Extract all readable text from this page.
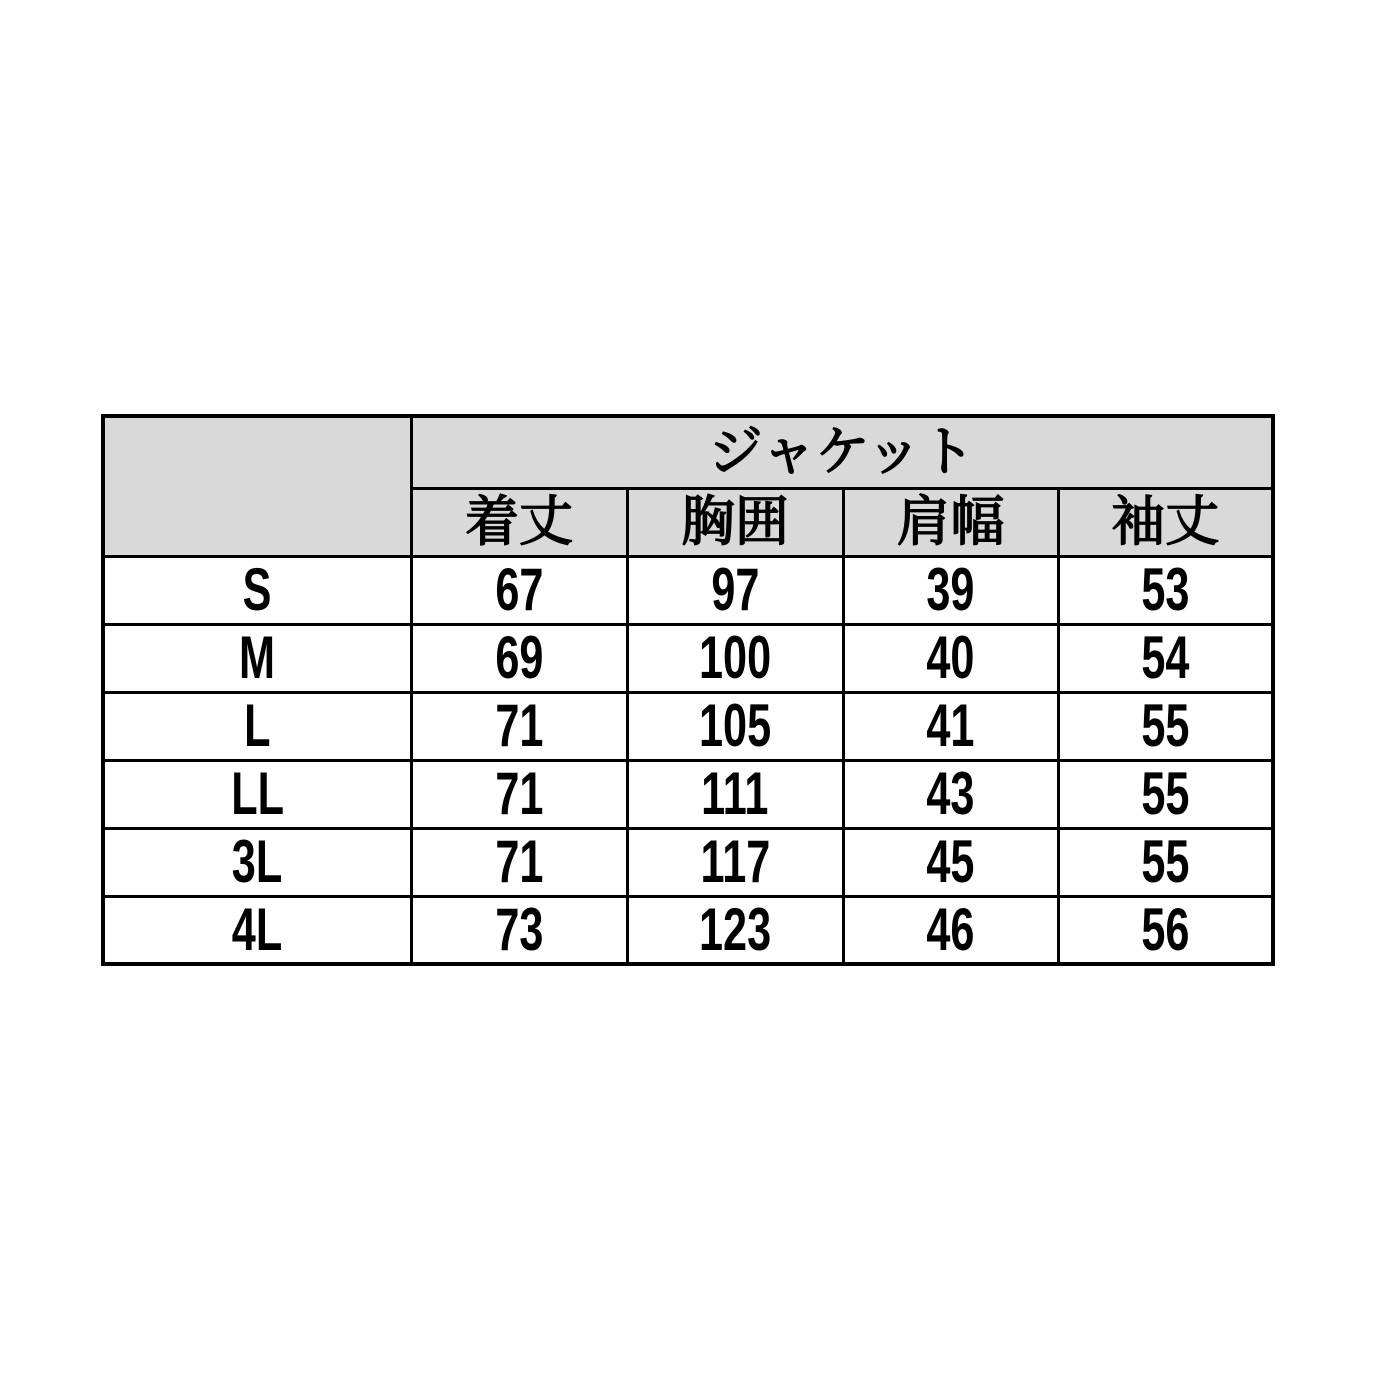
	ジャケット			
	着丈	胸囲	肩幅	袖丈
S	67	97	39	53
M	69	100	40	54
L	71	105	41	55
LL	71	111	43	55
3L	71	117	45	55
4L	73	123	46	56
